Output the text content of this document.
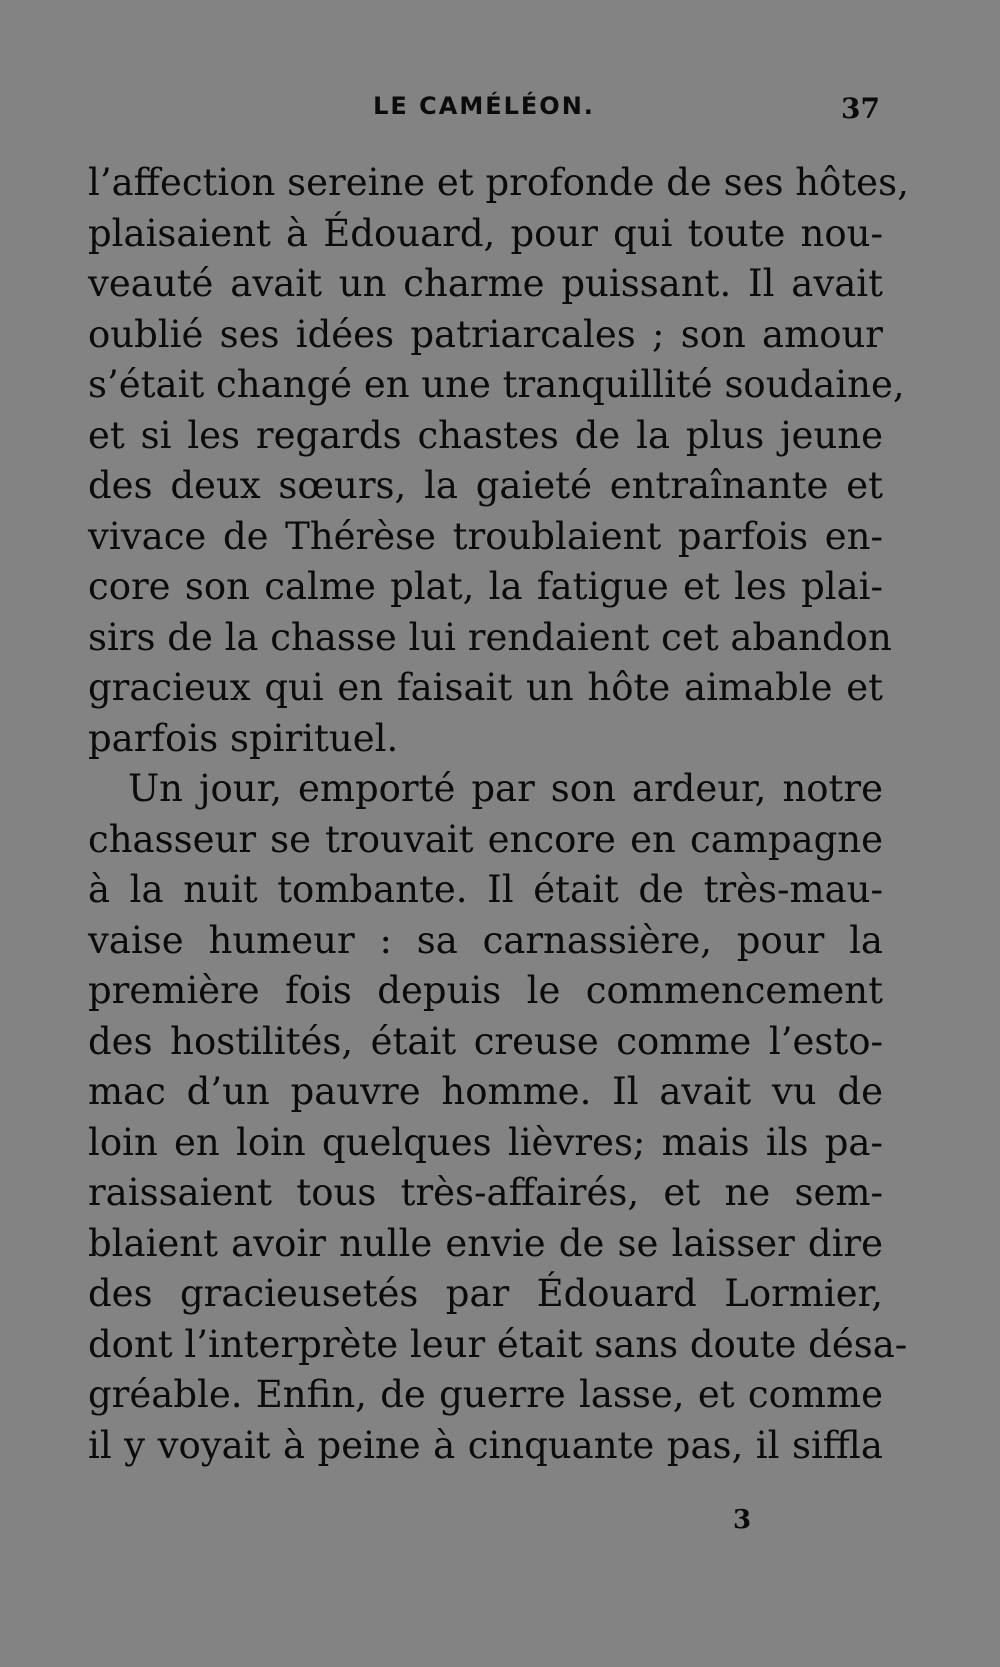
LE CAMÉLÉON.	37
l’affection sereine et profonde de ses hôtes,
plaisaient à Édouard, pour qui toute nou-
veauté avait un charme puissant. Il avait
oublié ses idées patriarcales ; son amour
s’était changé en une tranquillité soudaine,
et si les regards chastes de la plus jeune
des deux sœurs, la gaieté entraînante et
vivace de Thérèse troublaient parfois en-
core son calme plat, la fatigue et les plai-
sirs de la chasse lui rendaient cet abandon
gracieux qui en faisait un hôte aimable et
parfois spirituel.
Un jour, emporté par son ardeur, notre
chasseur se trouvait encore en campagne
à la nuit tombante. Il était de très-mau-
vaise humeur : sa carnassière, pour la
première fois depuis le commencement
des hostilités, était creuse comme l’esto-
mac d’un pauvre homme. Il avait vu de
loin en loin quelques lièvres; mais ils pa-
raissaient tous très-affairés, et ne sem-
blaient avoir nulle envie de se laisser dire
des gracieusetés par Édouard Lormier,
dont l’interprète leur était sans doute désa-
gréable. Enfin, de guerre lasse, et comme
il y voyait à peine à cinquante pas, il siffla
3
